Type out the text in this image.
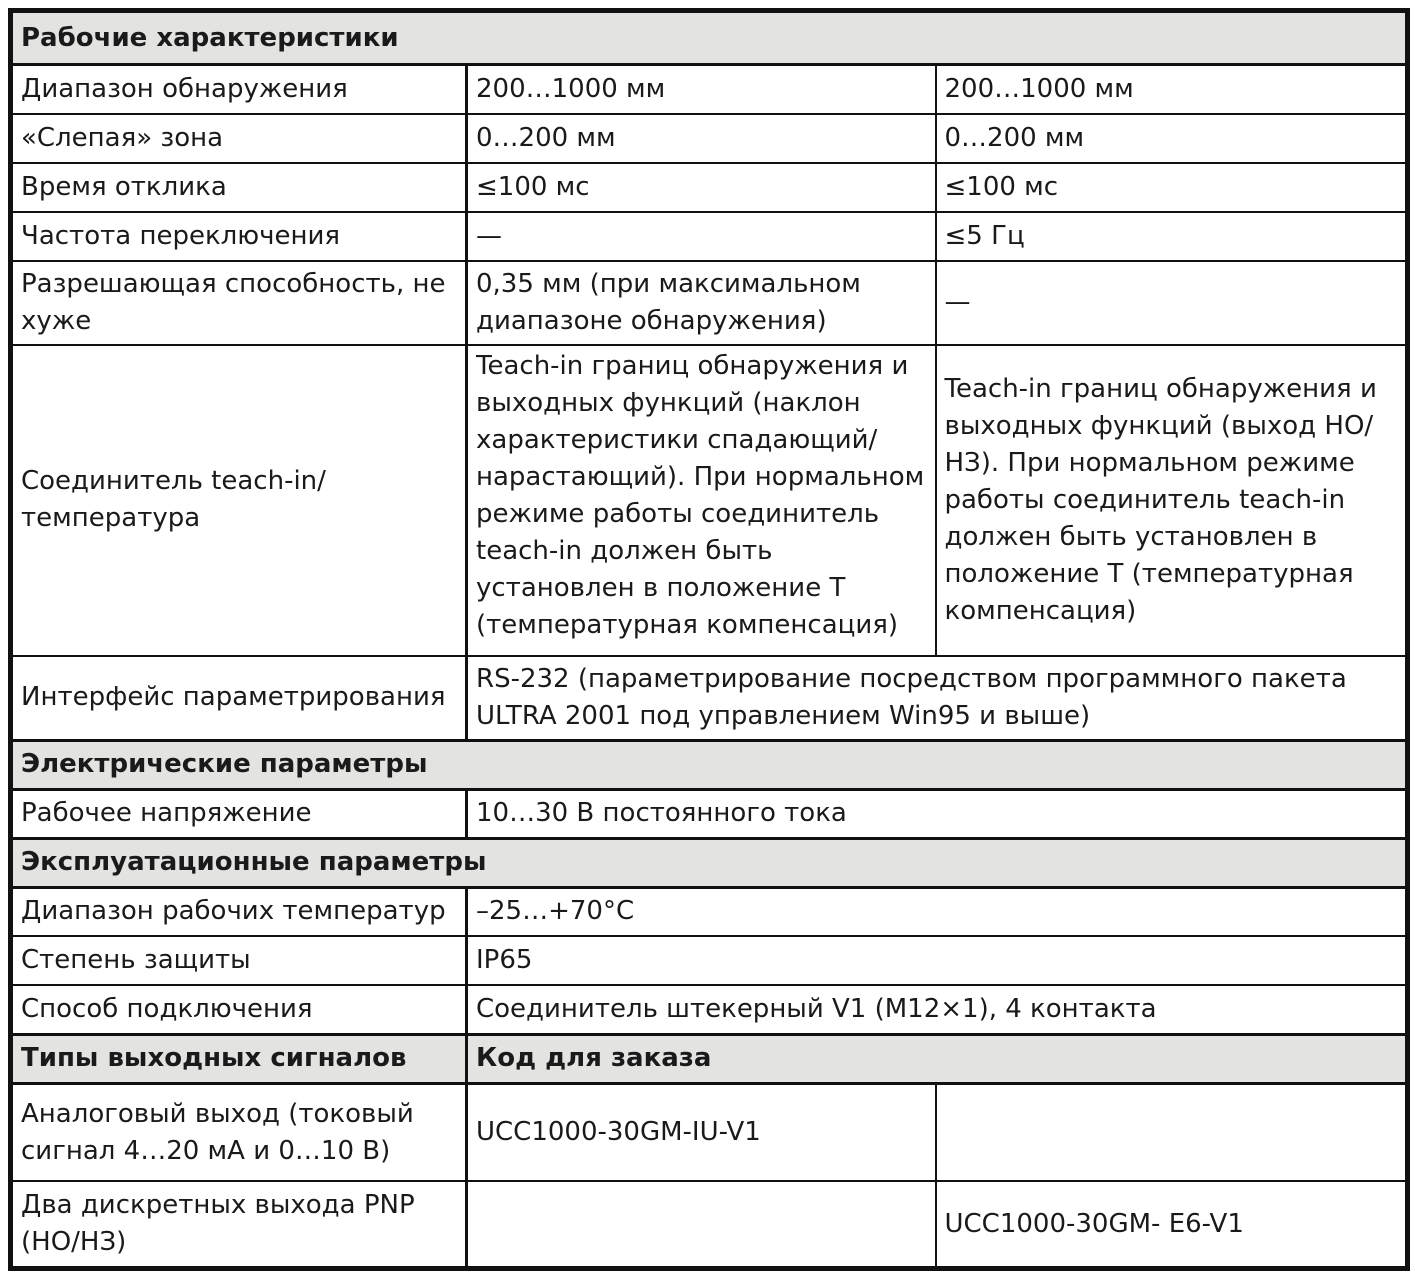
Рабочие характеристики		
Диапазон обнаружения	200…1000 мм	200…1000 мм
«Слепая» зона	0…200 мм	0…200 мм
Время отклика	≤100 мс	≤100 мс
Частота переключения	—	≤5 Гц
Разрешающая способность, не хуже	0,35 мм (при максимальном диапазоне обнаружения)	—
Соединитель teach-in/ температура	Teach-in границ обнаружения и выходных функций (наклон характеристики спадающий/нарастающий). При нормальном режиме работы соединитель teach-in должен быть установлен в положение Т (температурная компенсация)	Teach-in границ обнаружения и выходных функций (выход НО/НЗ). При нормальном режиме работы соединитель teach-in должен быть установлен в положение Т (температурная компенсация)
Интерфейс параметрирования	RS-232 (параметрирование посредством программного пакета ULTRA 2001 под управлением Win95 и выше)	
Электрические параметры		
Рабочее напряжение	10…30 В постоянного тока	
Эксплуатационные параметры		
Диапазон рабочих температур	–25…+70°C	
Степень защиты	IP65	
Способ подключения	Соединитель штекерный V1 (M12×1), 4 контакта	
Типы выходных сигналов	Код для заказа	
Аналоговый выход (токовый сигнал 4…20 мА и 0…10 В)	UCC1000-30GM-IU-V1	
Два дискретных выхода PNP (НО/НЗ)		UCC1000-30GM- E6-V1
